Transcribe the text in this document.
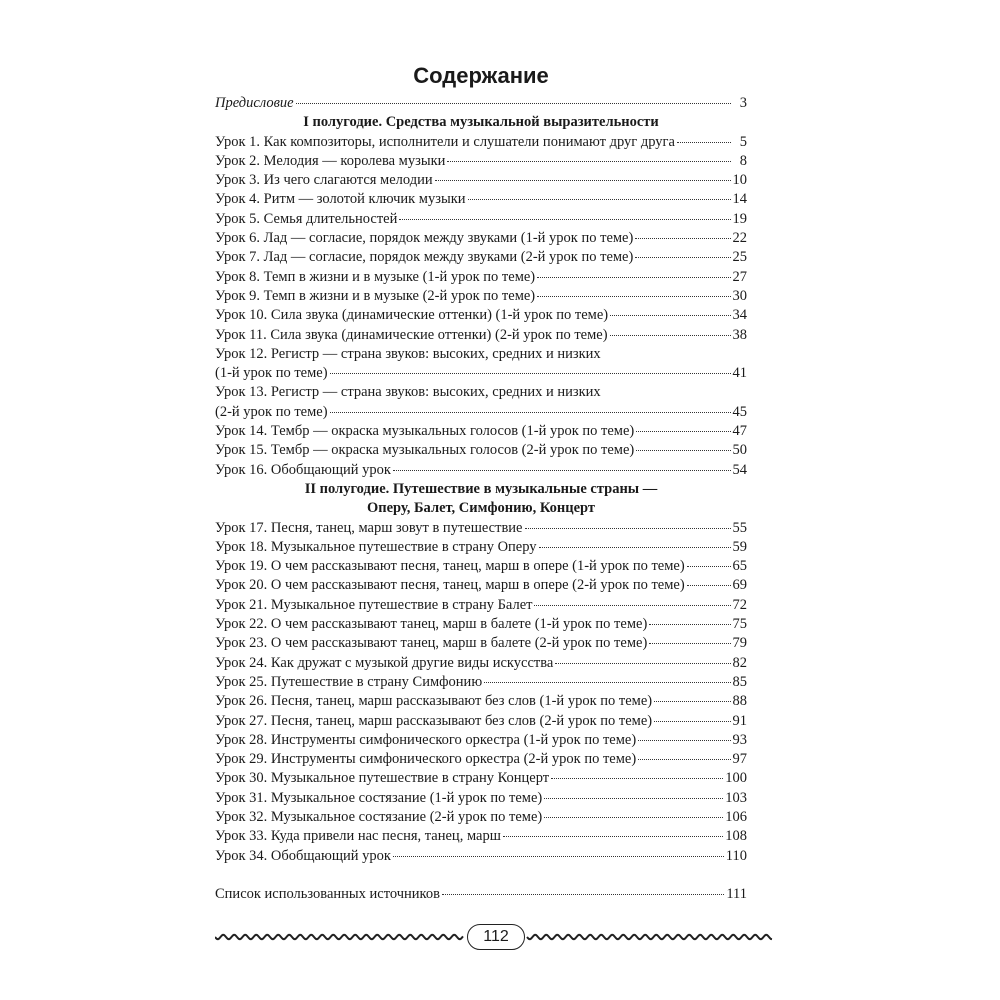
Содержание
Предисловие	3
I полугодие. Средства музыкальной выразительности
Урок 1. Как композиторы, исполнители и слушатели понимают друг друга	5
Урок 2. Мелодия — королева музыки	8
Урок 3. Из чего слагаются мелодии	10
Урок 4. Ритм — золотой ключик музыки	14
Урок 5. Семья длительностей	19
Урок 6. Лад — согласие, порядок между звуками (1-й урок по теме)	22
Урок 7. Лад — согласие, порядок между звуками (2-й урок по теме)	25
Урок 8. Темп в жизни и в музыке (1-й урок по теме)	27
Урок 9. Темп в жизни и в музыке (2-й урок по теме)	30
Урок 10. Сила звука (динамические оттенки) (1-й урок по теме)	34
Урок 11. Сила звука (динамические оттенки) (2-й урок по теме)	38
Урок 12. Регистр — страна звуков: высоких, средних и низких
(1-й урок по теме)	41
Урок 13. Регистр — страна звуков: высоких, средних и низких
(2-й урок по теме)	45
Урок 14. Тембр — окраска музыкальных голосов (1-й урок по теме)	47
Урок 15. Тембр — окраска музыкальных голосов (2-й урок по теме)	50
Урок 16. Обобщающий урок	54
II полугодие. Путешествие в музыкальные страны —
Оперу, Балет, Симфонию, Концерт
Урок 17. Песня, танец, марш зовут в путешествие	55
Урок 18. Музыкальное путешествие в страну Оперу	59
Урок 19. О чем рассказывают песня, танец, марш в опере (1-й урок по теме)	65
Урок 20. О чем рассказывают песня, танец, марш в опере (2-й урок по теме)	69
Урок 21. Музыкальное путешествие в страну Балет	72
Урок 22. О чем рассказывают танец, марш в балете (1-й урок по теме)	75
Урок 23. О чем рассказывают танец, марш в балете (2-й урок по теме)	79
Урок 24. Как дружат с музыкой другие виды искусства	82
Урок 25. Путешествие в страну Симфонию	85
Урок 26. Песня, танец, марш рассказывают без слов (1-й урок по теме)	88
Урок 27. Песня, танец, марш рассказывают без слов (2-й урок по теме)	91
Урок 28. Инструменты симфонического оркестра (1-й урок по теме)	93
Урок 29. Инструменты симфонического оркестра (2-й урок по теме)	97
Урок 30. Музыкальное путешествие в страну Концерт	100
Урок 31. Музыкальное состязание (1-й урок по теме)	103
Урок 32. Музыкальное состязание (2-й урок по теме)	106
Урок 33. Куда привели нас песня, танец, марш	108
Урок 34. Обобщающий урок	110
Список использованных источников	111
112
